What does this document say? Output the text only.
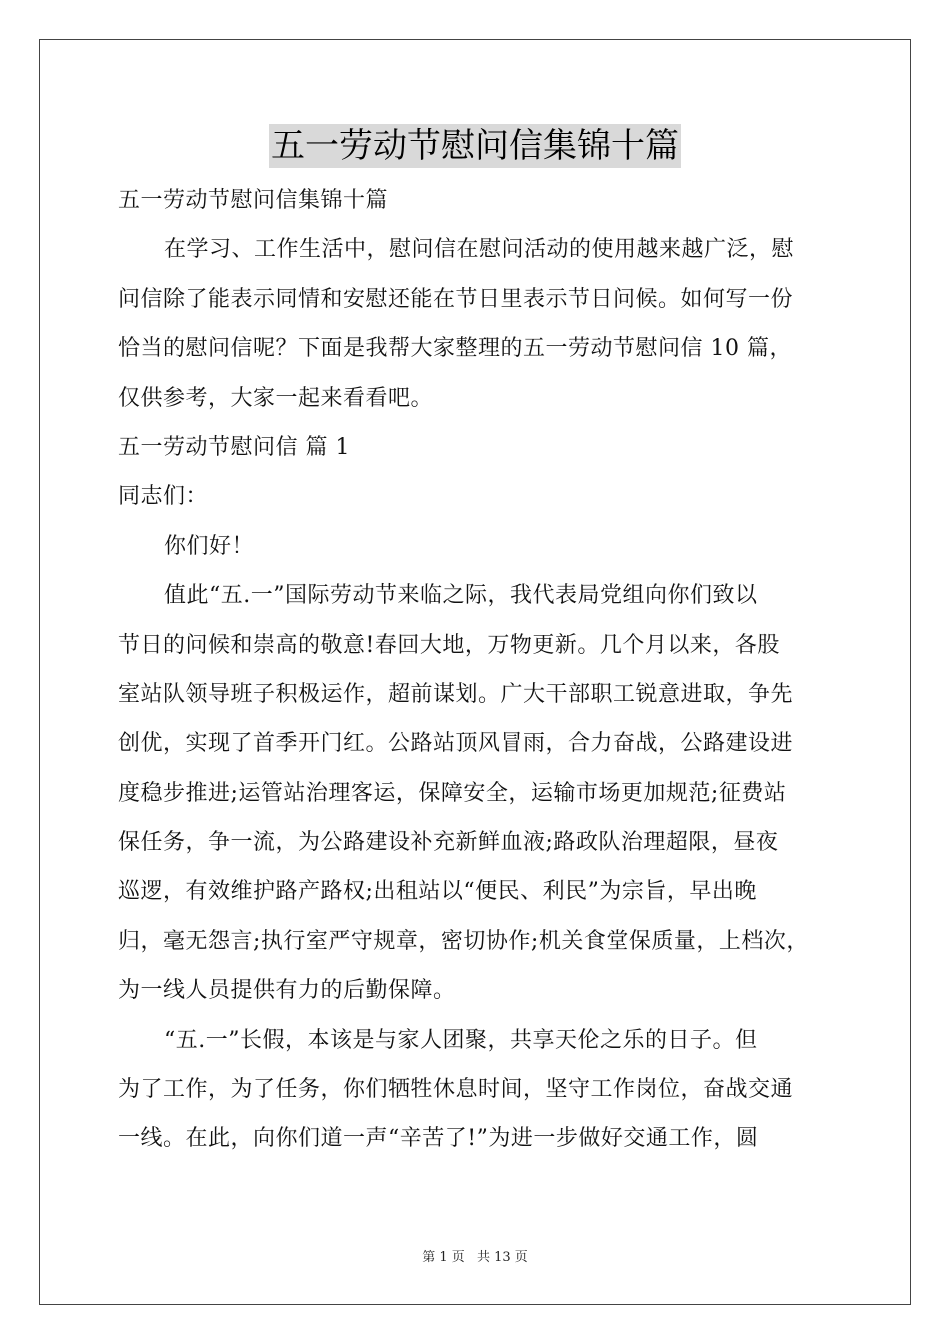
五一劳动节慰问信集锦十篇
五一劳动节慰问信集锦十篇
在学习、工作生活中，慰问信在慰问活动的使用越来越广泛，慰
问信除了能表示同情和安慰还能在节日里表示节日问候。如何写一份
恰当的慰问信呢？下面是我帮大家整理的五一劳动节慰问信 10 篇，
仅供参考，大家一起来看看吧。
五一劳动节慰问信 篇 1
同志们：
你们好！
值此“五.一”国际劳动节来临之际，我代表局党组向你们致以
节日的问候和崇高的敬意!春回大地，万物更新。几个月以来，各股
室站队领导班子积极运作，超前谋划。广大干部职工锐意进取，争先
创优，实现了首季开门红。公路站顶风冒雨，合力奋战，公路建设进
度稳步推进;运管站治理客运，保障安全，运输市场更加规范;征费站
保任务，争一流，为公路建设补充新鲜血液;路政队治理超限，昼夜
巡逻，有效维护路产路权;出租站以“便民、利民”为宗旨，早出晚
归，毫无怨言;执行室严守规章，密切协作;机关食堂保质量，上档次，
为一线人员提供有力的后勤保障。
“五.一”长假，本该是与家人团聚，共享天伦之乐的日子。但
为了工作，为了任务，你们牺牲休息时间，坚守工作岗位，奋战交通
一线。在此，向你们道一声“辛苦了!”为进一步做好交通工作，圆
第 1 页 共 13 页
